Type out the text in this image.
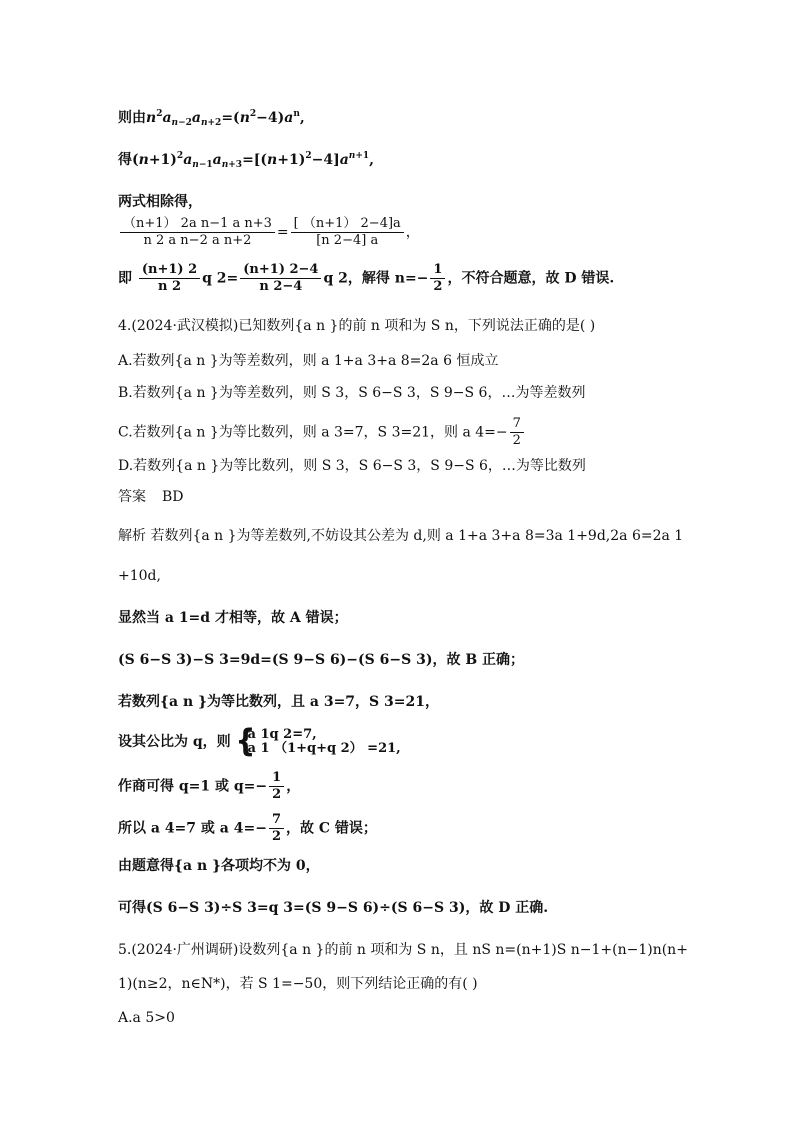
则由$n^2a_{n-2}a_{n+2}=(n^2-4)a^n$,
得$(n+1)^2a_{n-1}a_{n+3}=[(n+1)^2-4]a^{n+1}$,
两式相除得，
$\frac{\text{（n+1） 2a n−1 a n+3}}{\text{n 2 a n−2 a n+2}} = \frac{[ (n+1) 2-4]a}{[n 2-4] a}$ ，
即 $\frac{(n+1) 2}{n 2}$ q $2= \frac{(n+1) 2-4}{n 2-4}$ q 2，解得 $n=- \frac{1}{2}$ ，不符合题意，故 D 错误.
4.(2024·武汉模拟)已知数列{a n }的前 n 项和为 S n，下列说法正确的是( )
A.若数列{a n }为等差数列，则 a 1+a 3+a 8=2a 6 恒成立
B.若数列{a n }为等差数列，则 S 3，S 6−S 3，S 9−S 6，…为等差数列
C.若数列{a n }为等比数列，则 a 3=7，S 3=21，则 a $4=- \frac{7}{2}$
D.若数列{a n }为等比数列，则 S 3，S 6−S 3，S 9−S 6，…为等比数列
答案 BD
解析 若数列{a n }为等差数列,不妨设其公差为 d,则 a 1+a 3+a 8=3a 1+9d,2a 6=2a 1
+10d,
显然当 a 1=d 才相等，故 A 错误；
(S 6−S 3)−S 3=9d=(S 9−S 6)−(S 6−S 3)，故 B 正确；
若数列{a n }为等比数列，且 a 3=7，S 3=21，
设其公比为 q，则 {
a 1q 2=7,
a 1 （1+q+q 2） =21,
作商可得 q=1 或 $q=- \frac{1}{2}$ ，
所以 a 4=7 或 a $4=- \frac{7}{2}$ ，故 C 错误；
由题意得{a n }各项均不为 0，
可得(S 6−S 3)÷S 3=q 3=(S 9−S 6)÷(S 6−S 3)，故 D 正确.
5.(2024·广州调研)设数列{a n }的前 n 项和为 S n，且 nS n=(n+1)S n−1+(n−1)n(n+
1)(n≥2，n∈N*)，若 S 1=−50，则下列结论正确的有( )
A.a 5>0
